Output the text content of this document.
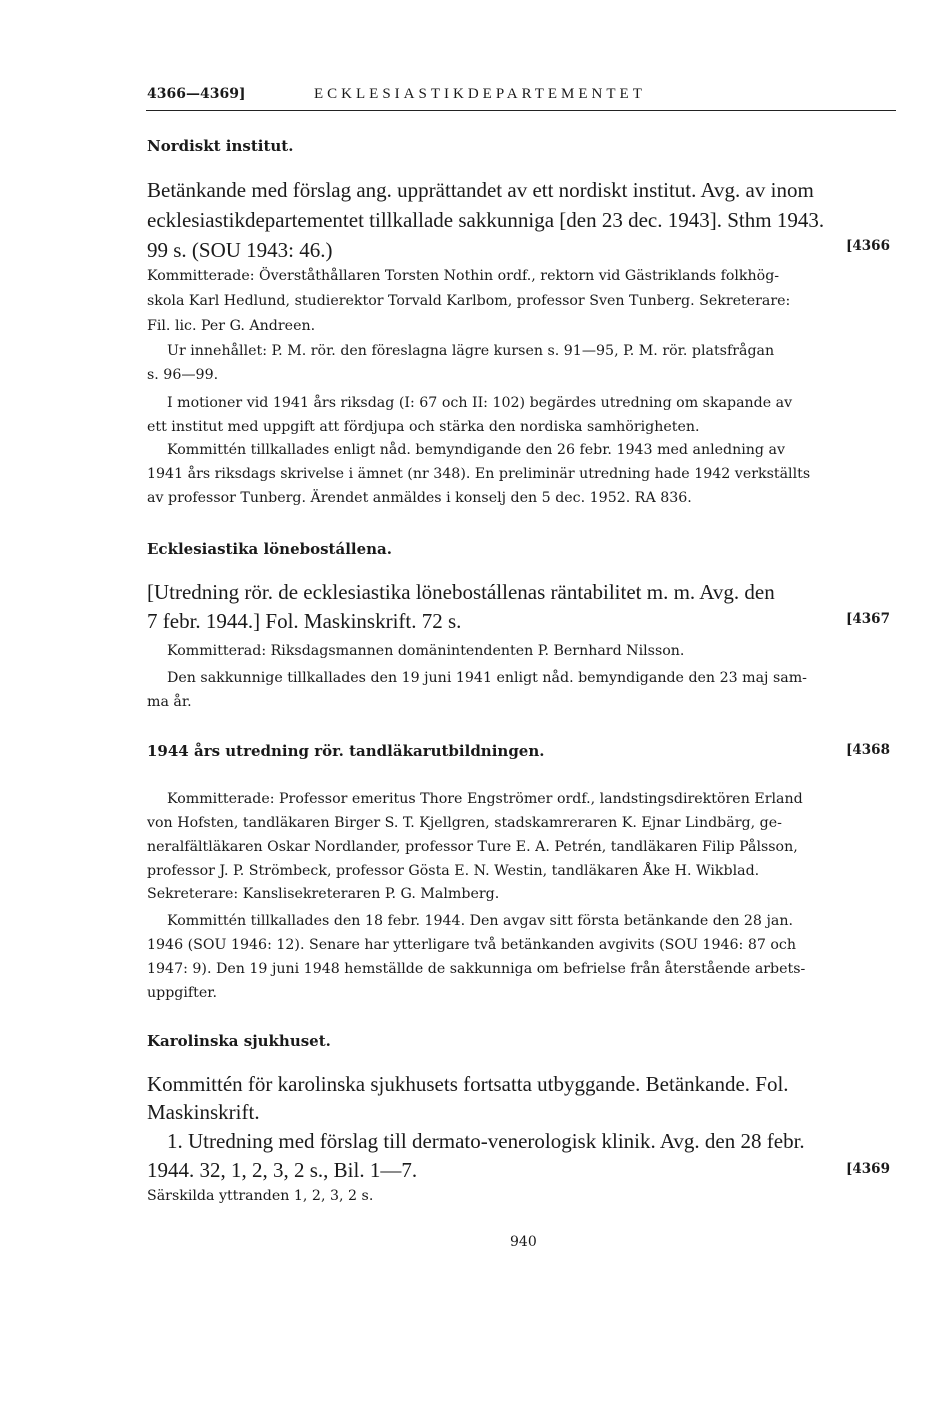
4366—4369]	ECKLESIASTIKDEPARTEMENTET
Nordiskt institut.
Betänkande med förslag ang. upprättandet av ett nordiskt institut. Avg. av inom
ecklesiastikdepartementet tillkallade sakkunniga [den 23 dec. 1943]. Sthm 1943.
99 s. (SOU 1943: 46.)	[4366
Kommitterade: Överståthållaren Torsten Nothin ordf., rektorn vid Gästriklands folkhög-
skola Karl Hedlund, studierektor Torvald Karlbom, professor Sven Tunberg. Sekreterare:
Fil. lic. Per G. Andreen.
Ur innehållet: P. M. rör. den föreslagna lägre kursen s. 91—95, P. M. rör. platsfrågan
s. 96—99.
I motioner vid 1941 års riksdag (I: 67 och II: 102) begärdes utredning om skapande av
ett institut med uppgift att fördjupa och stärka den nordiska samhörigheten.
Kommittén tillkallades enligt nåd. bemyndigande den 26 febr. 1943 med anledning av
1941 års riksdags skrivelse i ämnet (nr 348). En preliminär utredning hade 1942 verkställts
av professor Tunberg. Ärendet anmäldes i konselj den 5 dec. 1952. RA 836.
Ecklesiastika lönebostállena.
[Utredning rör. de ecklesiastika lönebostállenas räntabilitet m. m. Avg. den
7 febr. 1944.] Fol. Maskinskrift. 72 s.	[4367
Kommitterad: Riksdagsmannen domänintendenten P. Bernhard Nilsson.
Den sakkunnige tillkallades den 19 juni 1941 enligt nåd. bemyndigande den 23 maj sam-
ma år.
1944 års utredning rör. tandläkarutbildningen.	[4368
Kommitterade: Professor emeritus Thore Engströmer ordf., landstingsdirektören Erland
von Hofsten, tandläkaren Birger S. T. Kjellgren, stadskamreraren K. Ejnar Lindbärg, ge-
neralfältläkaren Oskar Nordlander, professor Ture E. A. Petrén, tandläkaren Filip Pålsson,
professor J. P. Strömbeck, professor Gösta E. N. Westin, tandläkaren Åke H. Wikblad.
Sekreterare: Kanslisekreteraren P. G. Malmberg.
Kommittén tillkallades den 18 febr. 1944. Den avgav sitt första betänkande den 28 jan.
1946 (SOU 1946: 12). Senare har ytterligare två betänkanden avgivits (SOU 1946: 87 och
1947: 9). Den 19 juni 1948 hemställde de sakkunniga om befrielse från återstående arbets-
uppgifter.
Karolinska sjukhuset.
Kommittén för karolinska sjukhusets fortsatta utbyggande. Betänkande. Fol.
Maskinskrift.
1. Utredning med förslag till dermato-venerologisk klinik. Avg. den 28 febr.
1944. 32, 1, 2, 3, 2 s., Bil. 1—7.	[4369
Särskilda yttranden 1, 2, 3, 2 s.
940
